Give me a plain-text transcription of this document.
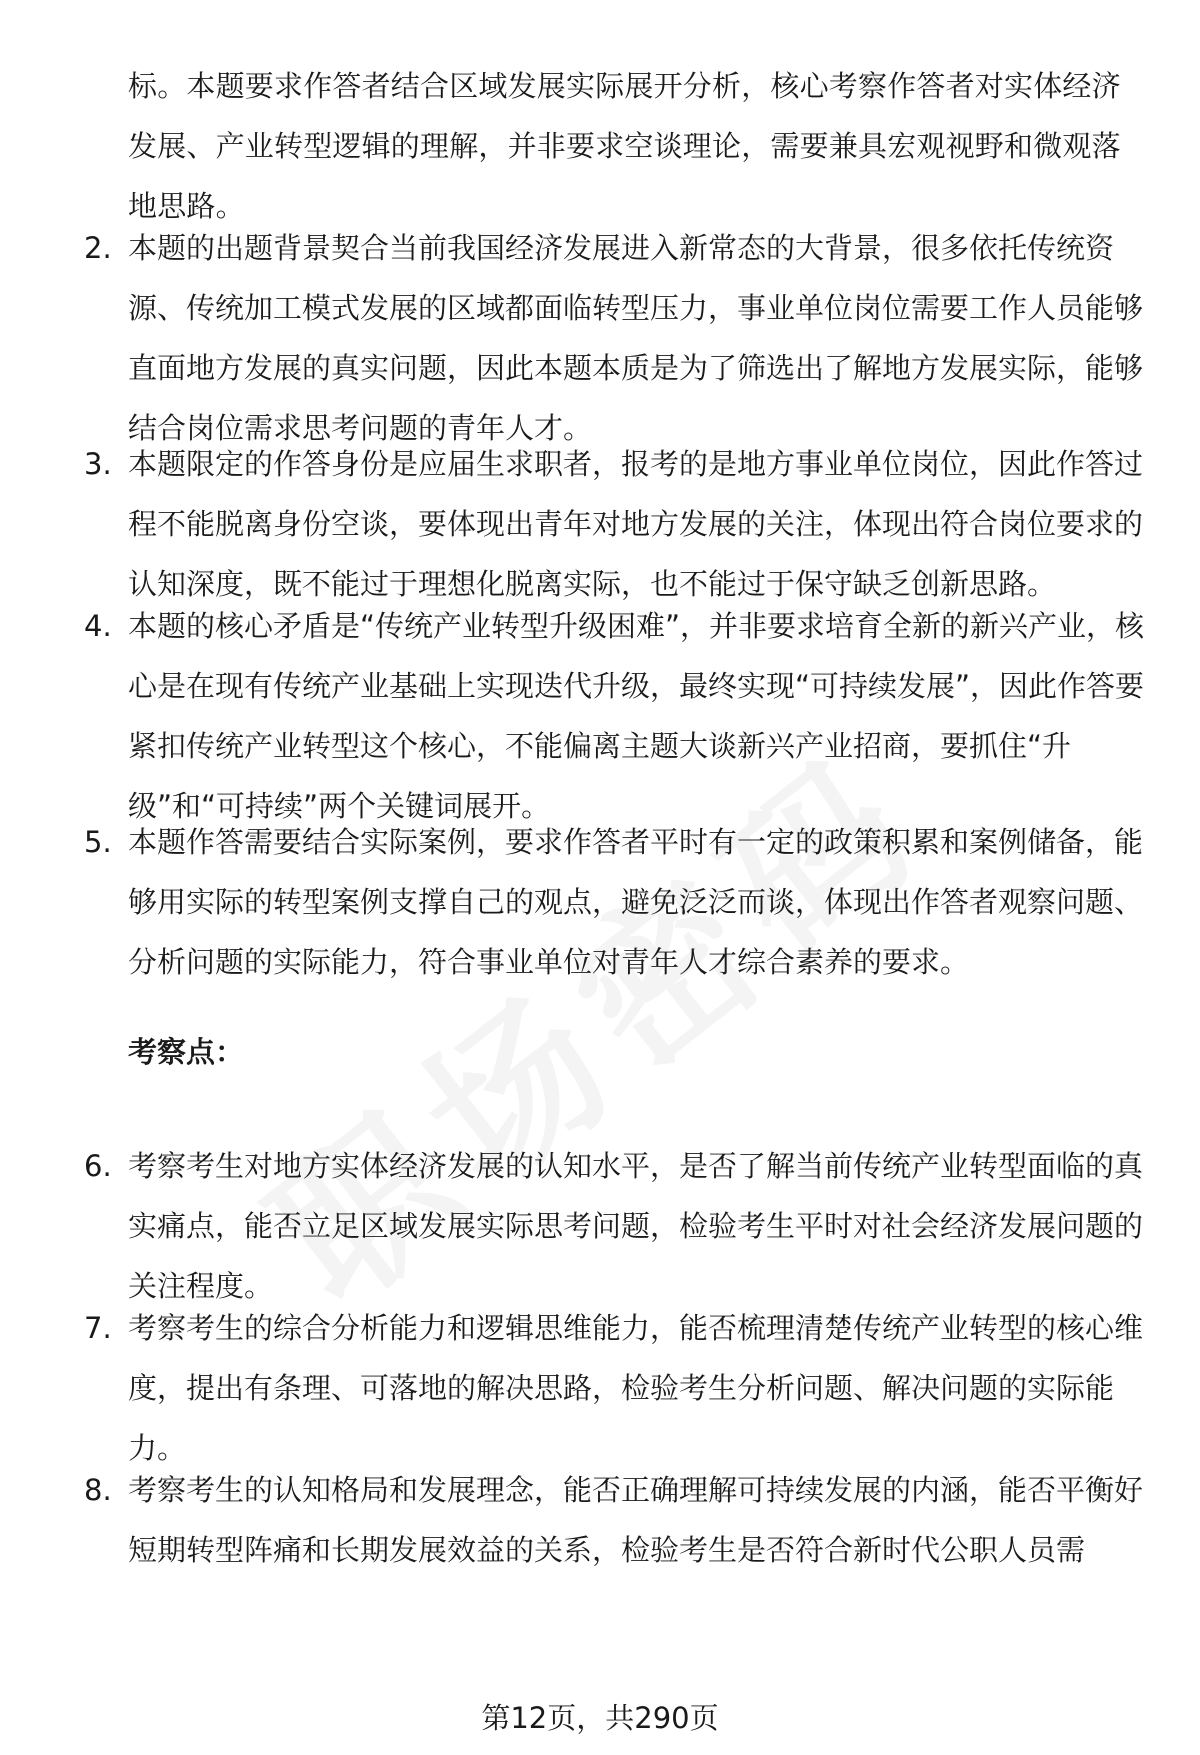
标。本题要求作答者结合区域发展实际展开分析，核心考察作答者对实体经济发展、产业转型逻辑的理解，并非要求空谈理论，需要兼具宏观视野和微观落地思路。
2. 本题的出题背景契合当前我国经济发展进入新常态的大背景，很多依托传统资源、传统加工模式发展的区域都面临转型压力，事业单位岗位需要工作人员能够直面地方发展的真实问题，因此本题本质是为了筛选出了解地方发展实际，能够结合岗位需求思考问题的青年人才。
3. 本题限定的作答身份是应届生求职者，报考的是地方事业单位岗位，因此作答过程不能脱离身份空谈，要体现出青年对地方发展的关注，体现出符合岗位要求的认知深度，既不能过于理想化脱离实际，也不能过于保守缺乏创新思路。
4. 本题的核心矛盾是“传统产业转型升级困难”，并非要求培育全新的新兴产业，核心是在现有传统产业基础上实现迭代升级，最终实现“可持续发展”，因此作答要紧扣传统产业转型这个核心，不能偏离主题大谈新兴产业招商，要抓住“升级”和“可持续”两个关键词展开。
5. 本题作答需要结合实际案例，要求作答者平时有一定的政策积累和案例储备，能够用实际的转型案例支撑自己的观点，避免泛泛而谈，体现出作答者观察问题、分析问题的实际能力，符合事业单位对青年人才综合素养的要求。
考察点：
6. 考察考生对地方实体经济发展的认知水平，是否了解当前传统产业转型面临的真实痛点，能否立足区域发展实际思考问题，检验考生平时对社会经济发展问题的关注程度。
7. 考察考生的综合分析能力和逻辑思维能力，能否梳理清楚传统产业转型的核心维度，提出有条理、可落地的解决思路，检验考生分析问题、解决问题的实际能力。
8. 考察考生的认知格局和发展理念，能否正确理解可持续发展的内涵，能否平衡好短期转型阵痛和长期发展效益的关系，检验考生是否符合新时代公职人员需
第12页，共290页
